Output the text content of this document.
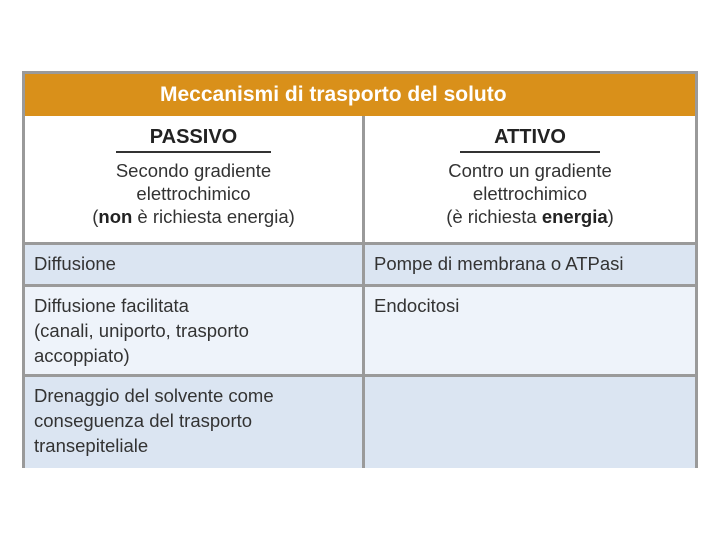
Meccanismi di trasporto del soluto
PASSIVO
Secondo gradiente
elettrochimico
(non è richiesta energia)
ATTIVO
Contro un gradiente
elettrochimico
(è richiesta energia)
Diffusione	Pompe di membrana o ATPasi
Diffusione facilitata
(canali, uniporto, trasporto
accoppiato)
Endocitosi
Drenaggio del solvente come
conseguenza del trasporto
transepiteliale
